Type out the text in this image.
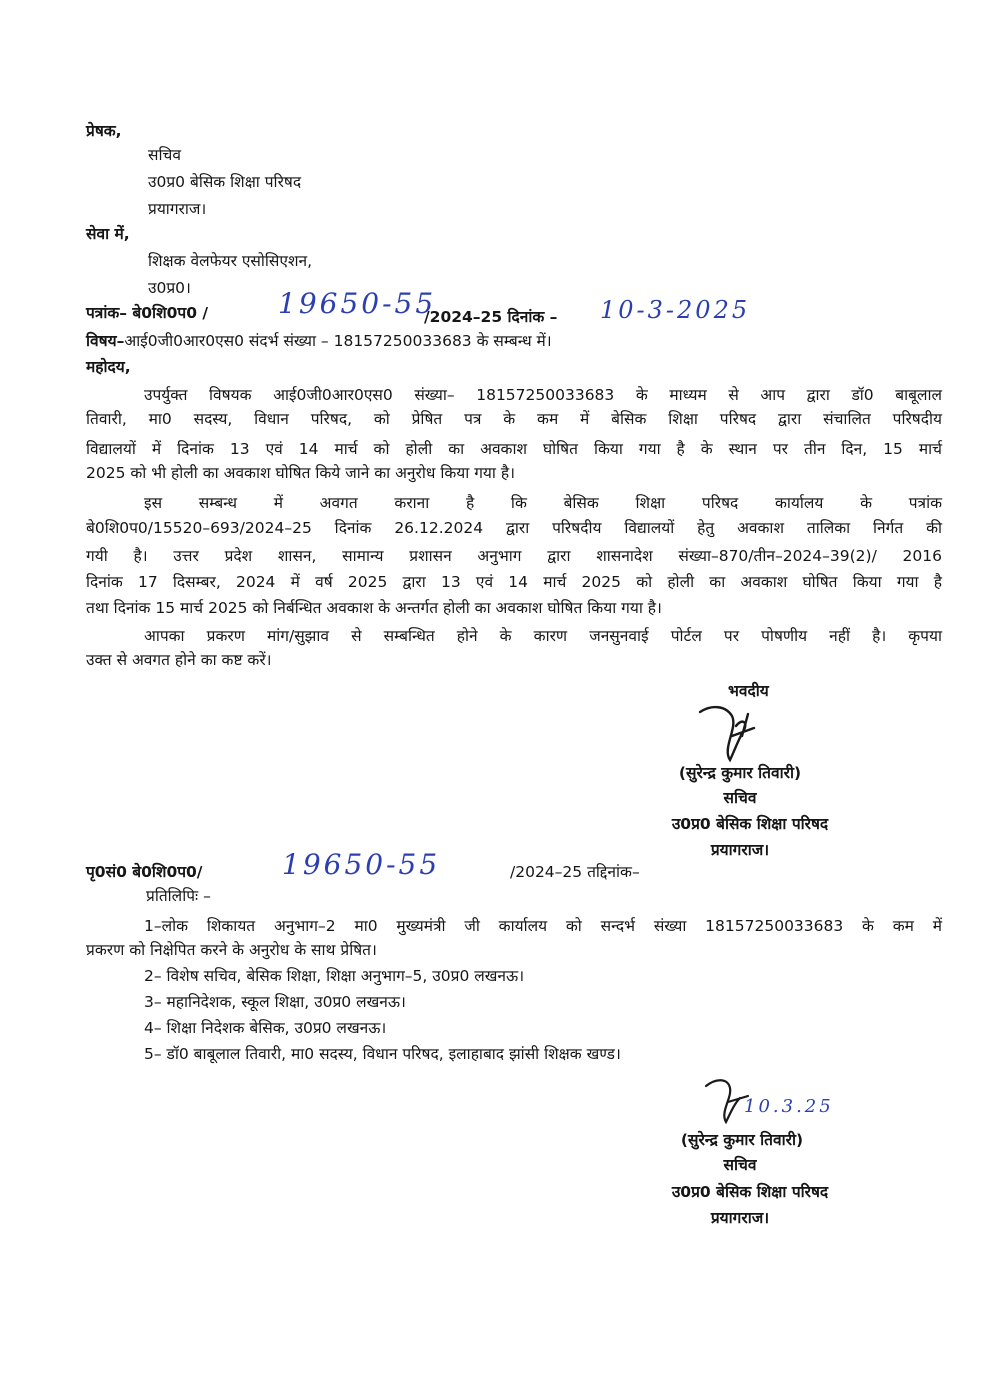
प्रेषक,
सचिव
उ0प्र0 बेसिक शिक्षा परिषद
प्रयागराज।
सेवा में,
शिक्षक वेलफेयर एसोसिएशन,
उ0प्र0।
पत्रांक– बे0शि0प0 / 19650-55
/2024–25 दिनांक – 10-3-2025
विषय–आई0जी0आर0एस0 संदर्भ संख्या – 18157250033683 के सम्बन्ध में।
महोदय,
उपर्युक्त विषयक आई0जी0आर0एस0 संख्या– 18157250033683 के माध्यम से आप द्वारा डॉ0 बाबूलाल
तिवारी, मा0 सदस्य, विधान परिषद, को प्रेषित पत्र के कम में बेसिक शिक्षा परिषद द्वारा संचालित परिषदीय
विद्यालयों में दिनांक 13 एवं 14 मार्च को होली का अवकाश घोषित किया गया है के स्थान पर तीन दिन, 15 मार्च
2025 को भी होली का अवकाश घोषित किये जाने का अनुरोध किया गया है।
इस सम्बन्ध में अवगत कराना है कि बेसिक शिक्षा परिषद कार्यालय के पत्रांक
बे0शि0प0/15520–693/2024–25 दिनांक 26.12.2024 द्वारा परिषदीय विद्यालयों हेतु अवकाश तालिका निर्गत की
गयी है। उत्तर प्रदेश शासन, सामान्य प्रशासन अनुभाग द्वारा शासनादेश संख्या–870/तीन–2024–39(2)/ 2016
दिनांक 17 दिसम्बर, 2024 में वर्ष 2025 द्वारा 13 एवं 14 मार्च 2025 को होली का अवकाश घोषित किया गया है
तथा दिनांक 15 मार्च 2025 को निर्बन्धित अवकाश के अन्तर्गत होली का अवकाश घोषित किया गया है।
आपका प्रकरण मांग/सुझाव से सम्बन्धित होने के कारण जनसुनवाई पोर्टल पर पोषणीय नहीं है। कृपया
उक्त से अवगत होने का कष्ट करें।
भवदीय
(सुरेन्द्र कुमार तिवारी)
सचिव
उ0प्र0 बेसिक शिक्षा परिषद
प्रयागराज।
पृ0सं0 बे0शि0प0/	19650-55	/2024–25 तद्दिनांक–
प्रतिलिपिः –
1–लोक शिकायत अनुभाग–2 मा0 मुख्यमंत्री जी कार्यालय को सन्दर्भ संख्या 18157250033683 के कम में
प्रकरण को निक्षेपित करने के अनुरोध के साथ प्रेषित।
2– विशेष सचिव, बेसिक शिक्षा, शिक्षा अनुभाग–5, उ0प्र0 लखनऊ।
3– महानिदेशक, स्कूल शिक्षा, उ0प्र0 लखनऊ।
4– शिक्षा निदेशक बेसिक, उ0प्र0 लखनऊ।
5– डॉ0 बाबूलाल तिवारी, मा0 सदस्य, विधान परिषद, इलाहाबाद झांसी शिक्षक खण्ड।
10.3.25
(सुरेन्द्र कुमार तिवारी)
सचिव
उ0प्र0 बेसिक शिक्षा परिषद
प्रयागराज।
